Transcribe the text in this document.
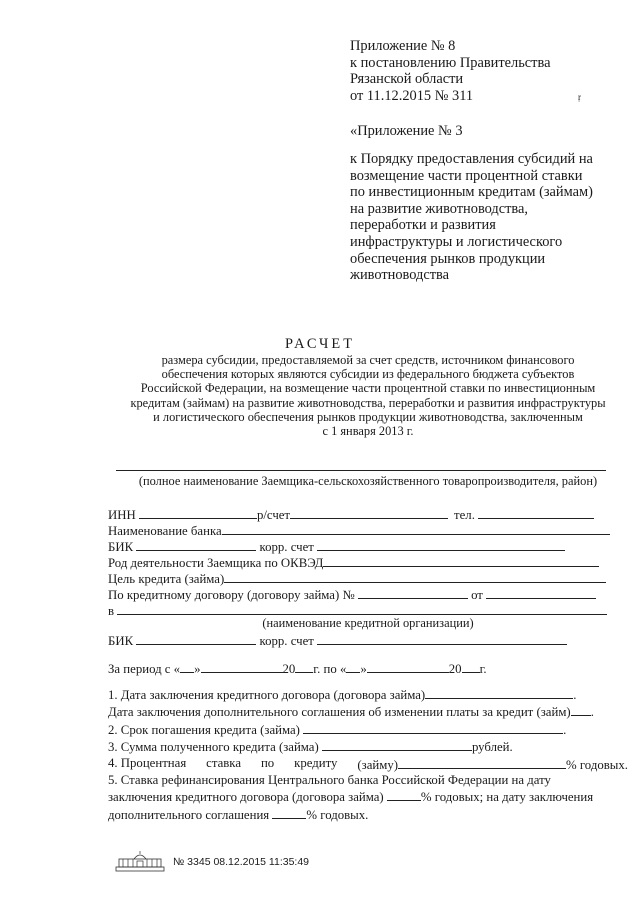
Приложение № 8
к постановлению Правительства
Рязанской области
от 11.12.2015 № 311	ṛ
«Приложение № 3
к Порядку предоставления субсидий на
возмещение части процентной ставки
по инвестиционным кредитам (займам)
на развитие животноводства,
переработки и развития
инфраструктуры и логистического
обеспечения рынков продукции
животноводства
РАСЧЕТ
размера субсидии, предоставляемой за счет средств, источником финансового
обеспечения которых являются субсидии из федерального бюджета субъектов
Российской Федерации, на возмещение части процентной ставки по инвестиционным
кредитам (займам) на развитие животноводства, переработки и развития инфраструктуры
и логистического обеспечения рынков продукции животноводства, заключенным
с 1 января 2013 г.
(полное наименование Заемщика-сельскохозяйственного товаропроизводителя, район)
ИНН	р/счет	тел.
Наименование банка
БИК	корр. счет
Род деятельности Заемщика по ОКВЭД
Цель кредита (займа)
По кредитному договору (договору займа) №	от
в
(наименование кредитной организации)
БИК	корр. счет
За период с « »	20 г. по « »	20 г.
1. Дата заключения кредитного договора (договора займа)	.
Дата заключения дополнительного соглашения об изменении платы за кредит (займ) .
2. Срок погашения кредита (займа)	.
3. Сумма полученного кредита (займа)	рублей.
4. Процентная ставка по кредиту (займу)	% годовых.
5. Ставка рефинансирования Центрального банка Российской Федерации на дату
заключения кредитного договора (договора займа)	% годовых; на дату заключения
дополнительного соглашения	% годовых.
№ 3345 08.12.2015 11:35:49
